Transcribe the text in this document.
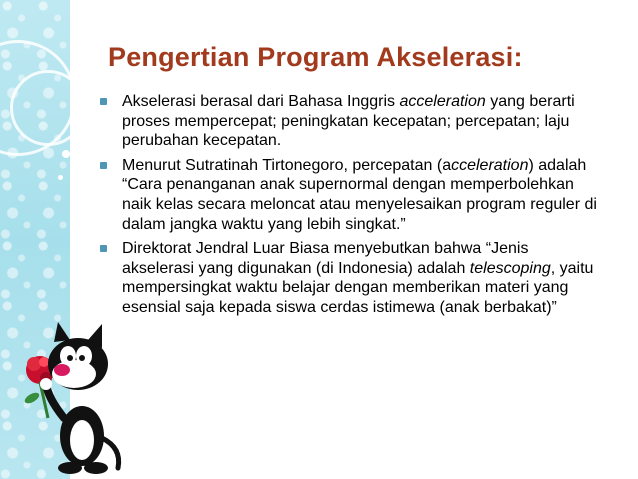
Pengertian Program Akselerasi:
Akselerasi berasal dari Bahasa Inggris acceleration yang berarti proses mempercepat; peningkatan kecepatan; percepatan; laju perubahan kecepatan.
Menurut Sutratinah Tirtonegoro, percepatan (acceleration) adalah “Cara penanganan anak supernormal dengan memperbolehkan naik kelas secara meloncat atau menyelesaikan program reguler di dalam jangka waktu yang lebih singkat.”
Direktorat Jendral Luar Biasa menyebutkan bahwa “Jenis akselerasi yang digunakan (di Indonesia) adalah telescoping, yaitu mempersingkat waktu belajar dengan memberikan materi yang esensial saja kepada siswa cerdas istimewa (anak berbakat)”
